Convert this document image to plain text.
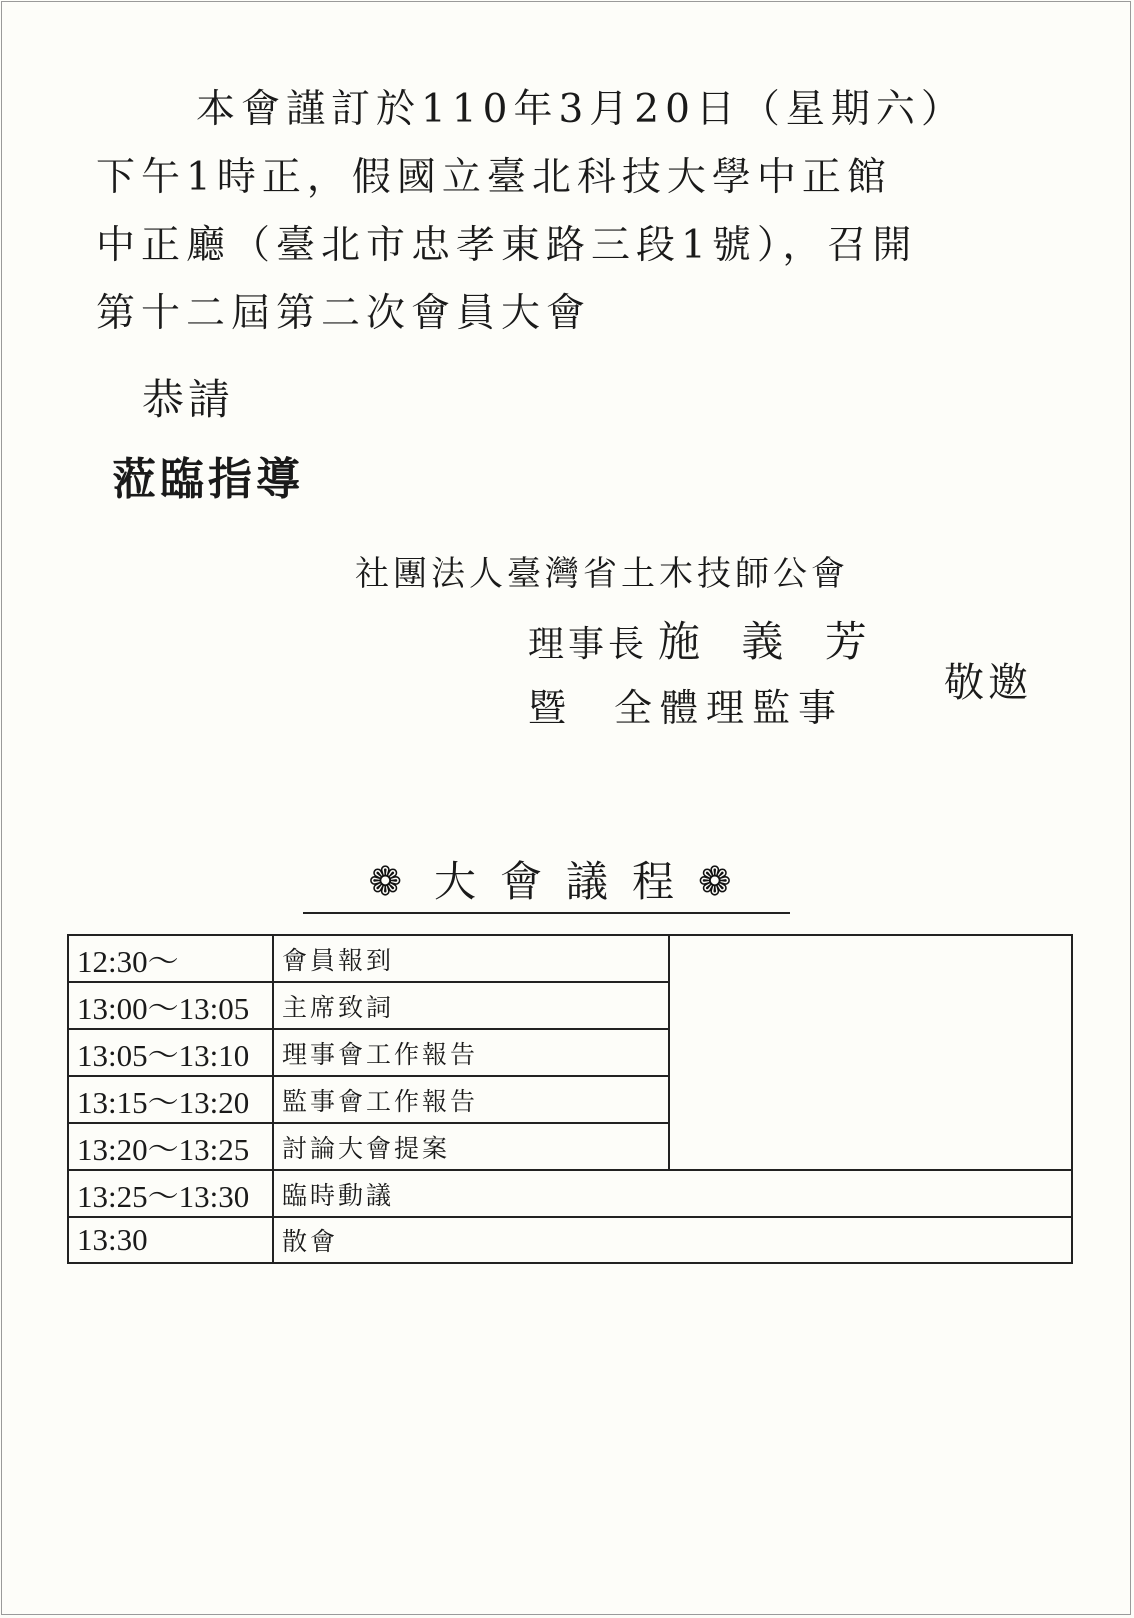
本會謹訂於110年3月20日（星期六）
下午1時正，假國立臺北科技大學中正館
中正廳（臺北市忠孝東路三段1號），召開
第十二屆第二次會員大會
恭請
蒞臨指導
社團法人臺灣省土木技師公會
理事長 施 義 芳
暨 全體理監事
敬邀
❁ 大會議程 ❁
12:30～	會員報到	
13:00～13:05	主席致詞	
13:05～13:10	理事會工作報告	
13:15～13:20	監事會工作報告	
13:20～13:25	討論大會提案	
13:25～13:30	臨時動議	
13:30	散會	
